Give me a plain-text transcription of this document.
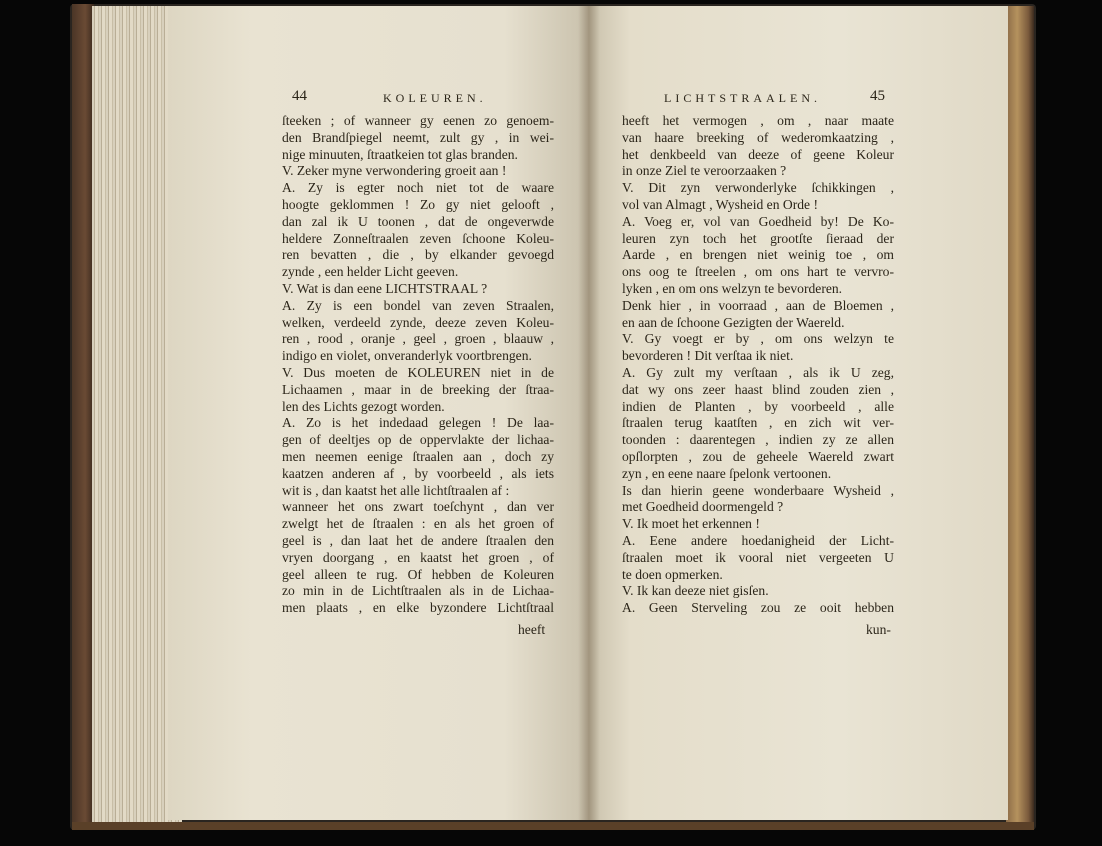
44	KOLEUREN.	LICHTSTRAALEN.	45
ſteeken ; of wanneer gy eenen zo genoem-
den Brandſpiegel neemt, zult gy , in wei-
nige minuuten, ſtraatkeien tot glas branden.
V. Zeker myne verwondering groeit aan !
A. Zy is egter noch niet tot de waare
hoogte geklommen ! Zo gy niet gelooft ,
dan zal ik U toonen , dat de ongeverwde
heldere Zonneſtraalen zeven ſchoone Koleu-
ren bevatten , die , by elkander gevoegd
zynde , een helder Licht geeven.
V. Wat is dan eene LICHTSTRAAL ?
A. Zy is een bondel van zeven Straalen,
welken, verdeeld zynde, deeze zeven Koleu-
ren , rood , oranje , geel , groen , blaauw ,
indigo en violet, onveranderlyk voortbrengen.
V. Dus moeten de KOLEUREN niet in de
Lichaamen , maar in de breeking der ſtraa-
len des Lichts gezogt worden.
A. Zo is het indedaad gelegen ! De laa-
gen of deeltjes op de oppervlakte der lichaa-
men neemen eenige ſtraalen aan , doch zy
kaatzen anderen af , by voorbeeld , als iets
wit is , dan kaatst het alle lichtſtraalen af :
wanneer het ons zwart toeſchynt , dan ver
zwelgt het de ſtraalen : en als het groen of
geel is , dan laat het de andere ſtraalen den
vryen doorgang , en kaatst het groen , of
geel alleen te rug. Of hebben de Koleuren
zo min in de Lichtſtraalen als in de Lichaa-
men plaats , en elke byzondere Lichtſtraal
heeft
heeft het vermogen , om , naar maate
van haare breeking of wederomkaatzing ,
het denkbeeld van deeze of geene Koleur
in onze Ziel te veroorzaaken ?
V. Dit zyn verwonderlyke ſchikkingen ,
vol van Almagt , Wysheid en Orde !
A. Voeg er, vol van Goedheid by! De Ko-
leuren zyn toch het grootſte ſieraad der
Aarde , en brengen niet weinig toe , om
ons oog te ſtreelen , om ons hart te vervro-
lyken , en om ons welzyn te bevorderen.
Denk hier , in voorraad , aan de Bloemen ,
en aan de ſchoone Gezigten der Waereld.
V. Gy voegt er by , om ons welzyn te
bevorderen ! Dit verſtaa ik niet.
A. Gy zult my verſtaan , als ik U zeg,
dat wy ons zeer haast blind zouden zien ,
indien de Planten , by voorbeeld , alle
ſtraalen terug kaatſten , en zich wit ver-
toonden : daarentegen , indien zy ze allen
opſlorpten , zou de geheele Waereld zwart
zyn , en eene naare ſpelonk vertoonen.
Is dan hierin geene wonderbaare Wysheid ,
met Goedheid doormengeld ?
V. Ik moet het erkennen !
A. Eene andere hoedanigheid der Licht-
ſtraalen moet ik vooral niet vergeeten U
te doen opmerken.
V. Ik kan deeze niet gisſen.
A. Geen Sterveling zou ze ooit hebben
kun-
